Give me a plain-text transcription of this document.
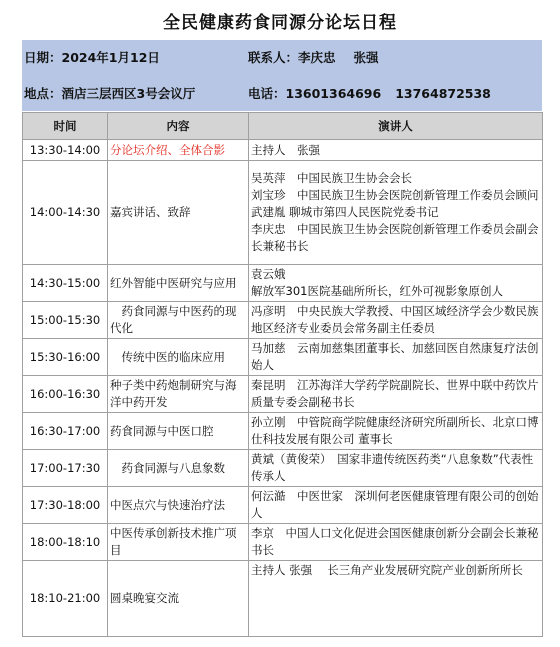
全民健康药食同源分论坛日程
日期：2024年1月12日	联系人：李庆忠 张强
地点：酒店三层西区3号会议厅	电话：13601364696 13764872538
时间	内容	演讲人
13:30-14:00	分论坛介绍、全体合影	主持人　张强

14:00-14:30	嘉宾讲话、致辞	吴英萍　中国民族卫生协会会长
刘宝珍　中国民族卫生协会医院创新管理工作委员会顾问
武建胤 聊城市第四人民医院党委书记
李庆忠　中国民族卫生协会医院创新管理工作委员会副会长兼秘书长

14:30-15:00	红外智能中医研究与应用	袁云娥
解放军301医院基础所所长，红外可视影象原创人

15:00-15:30	　药食同源与中医药的现代化	冯彦明　中央民族大学教授、中国区域经济学会少数民族地区经济专业委员会常务副主任委员

15:30-16:00	　传统中医的临床应用	马加慈　云南加慈集团董事长、加慈回医自然康复疗法创始人

16:00-16:30	种子类中药炮制研究与海洋中药开发	秦昆明　江苏海洋大学药学院副院长、世界中联中药饮片质量专委会副秘书长

16:30-17:00	药食同源与中医口腔	孙立刚　中管院商学院健康经济研究所副所长、北京口博仕科技发展有限公司 董事长

17:00-17:30	　药食同源与八息象数	黄斌（黄俊荣）　国家非遗传统医药类“八息象数”代表性传承人

17:30-18:00	中医点穴与快速治疗法	何沄澔　中医世家　深圳何老医健康管理有限公司的创始人

18:00-18:10	中医传承创新技术推广项目	李京　中国人口文化促进会国医健康创新分会副会长兼秘书长

18:10-21:00	圆桌晚宴交流	主持人 张强　 长三角产业发展研究院产业创新所所长
